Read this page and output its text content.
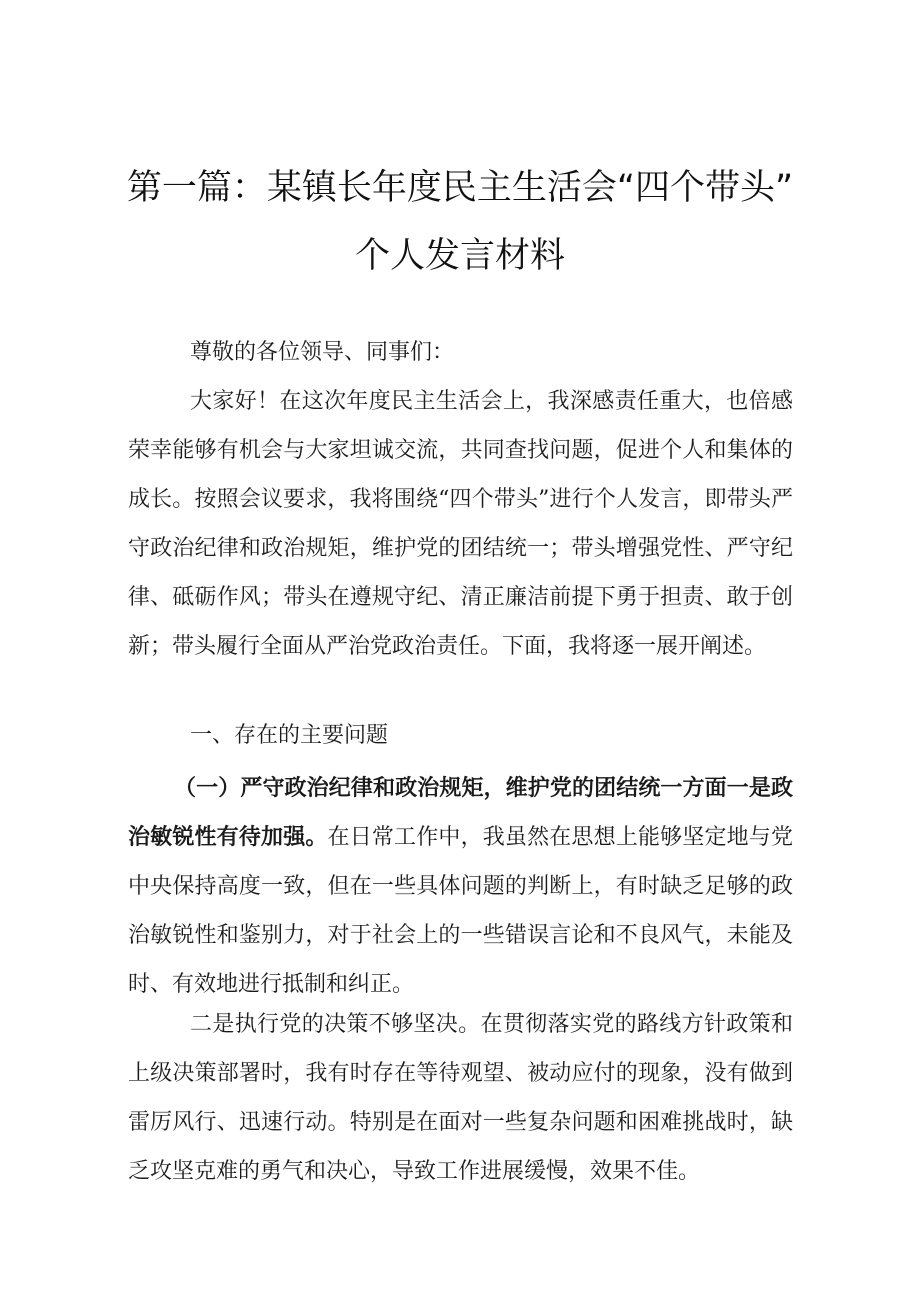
第一篇：某镇长年度民主生活会“四个带头”
个人发言材料

尊敬的各位领导、同事们：

大家好！在这次年度民主生活会上，我深感责任重大，也倍感荣幸能够有机会与大家坦诚交流，共同查找问题，促进个人和集体的成长。按照会议要求，我将围绕“四个带头”进行个人发言，即带头严守政治纪律和政治规矩，维护党的团结统一；带头增强党性、严守纪律、砥砺作风；带头在遵规守纪、清正廉洁前提下勇于担责、敢于创新；带头履行全面从严治党政治责任。下面，我将逐一展开阐述。

一、存在的主要问题

（一）严守政治纪律和政治规矩，维护党的团结统一方面一是政治敏锐性有待加强。在日常工作中，我虽然在思想上能够坚定地与党中央保持高度一致，但在一些具体问题的判断上，有时缺乏足够的政治敏锐性和鉴别力，对于社会上的一些错误言论和不良风气，未能及时、有效地进行抵制和纠正。

二是执行党的决策不够坚决。在贯彻落实党的路线方针政策和上级决策部署时，我有时存在等待观望、被动应付的现象，没有做到雷厉风行、迅速行动。特别是在面对一些复杂问题和困难挑战时，缺乏攻坚克难的勇气和决心，导致工作进展缓慢，效果不佳。
